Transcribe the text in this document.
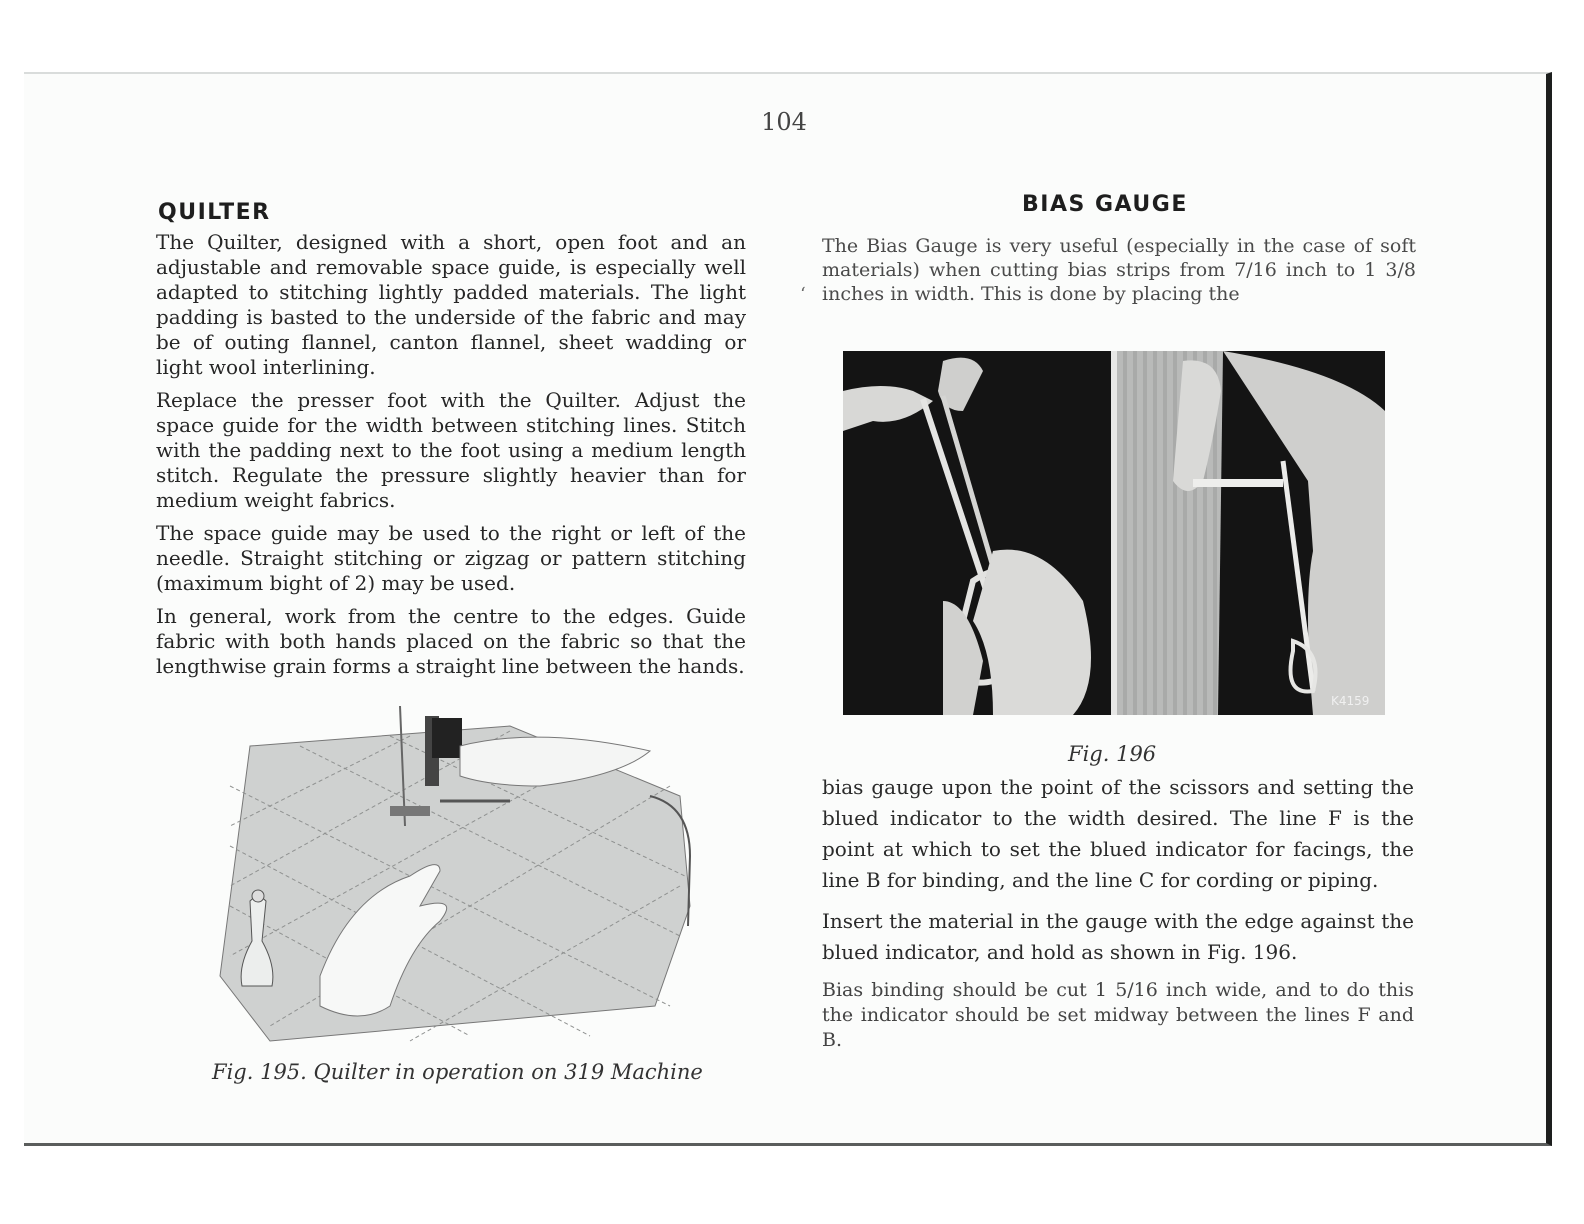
104
QUILTER

The Quilter, designed with a short, open foot and an adjustable and removable space guide, is especially well adapted to stitching lightly padded materials. The light padding is basted to the underside of the fabric and may be of outing flannel, canton flannel, sheet wadding or light wool interlining.

Replace the presser foot with the Quilter. Adjust the space guide for the width between stitching lines. Stitch with the padding next to the foot using a medium length stitch. Regulate the pressure slightly heavier than for medium weight fabrics.

The space guide may be used to the right or left of the needle. Straight stitching or zigzag or pattern stitching (maximum bight of 2) may be used.

In general, work from the centre to the edges. Guide fabric with both hands placed on the fabric so that the lengthwise grain forms a straight line between the hands.

Fig. 195. Quilter in operation on 319 Machine
BIAS GAUGE
‘

The Bias Gauge is very useful (especially in the case of soft materials) when cutting bias strips from 7/16 inch to 1 3/8 inches in width. This is done by placing the

K4159
Fig. 196

bias gauge upon the point of the scissors and setting the blued indicator to the width desired. The line F is the point at which to set the blued indicator for facings, the line B for binding, and the line C for cording or piping.

Insert the material in the gauge with the edge against the blued indicator, and hold as shown in Fig. 196.

Bias binding should be cut 1 5/16 inch wide, and to do this the indicator should be set midway between the lines F and B.
